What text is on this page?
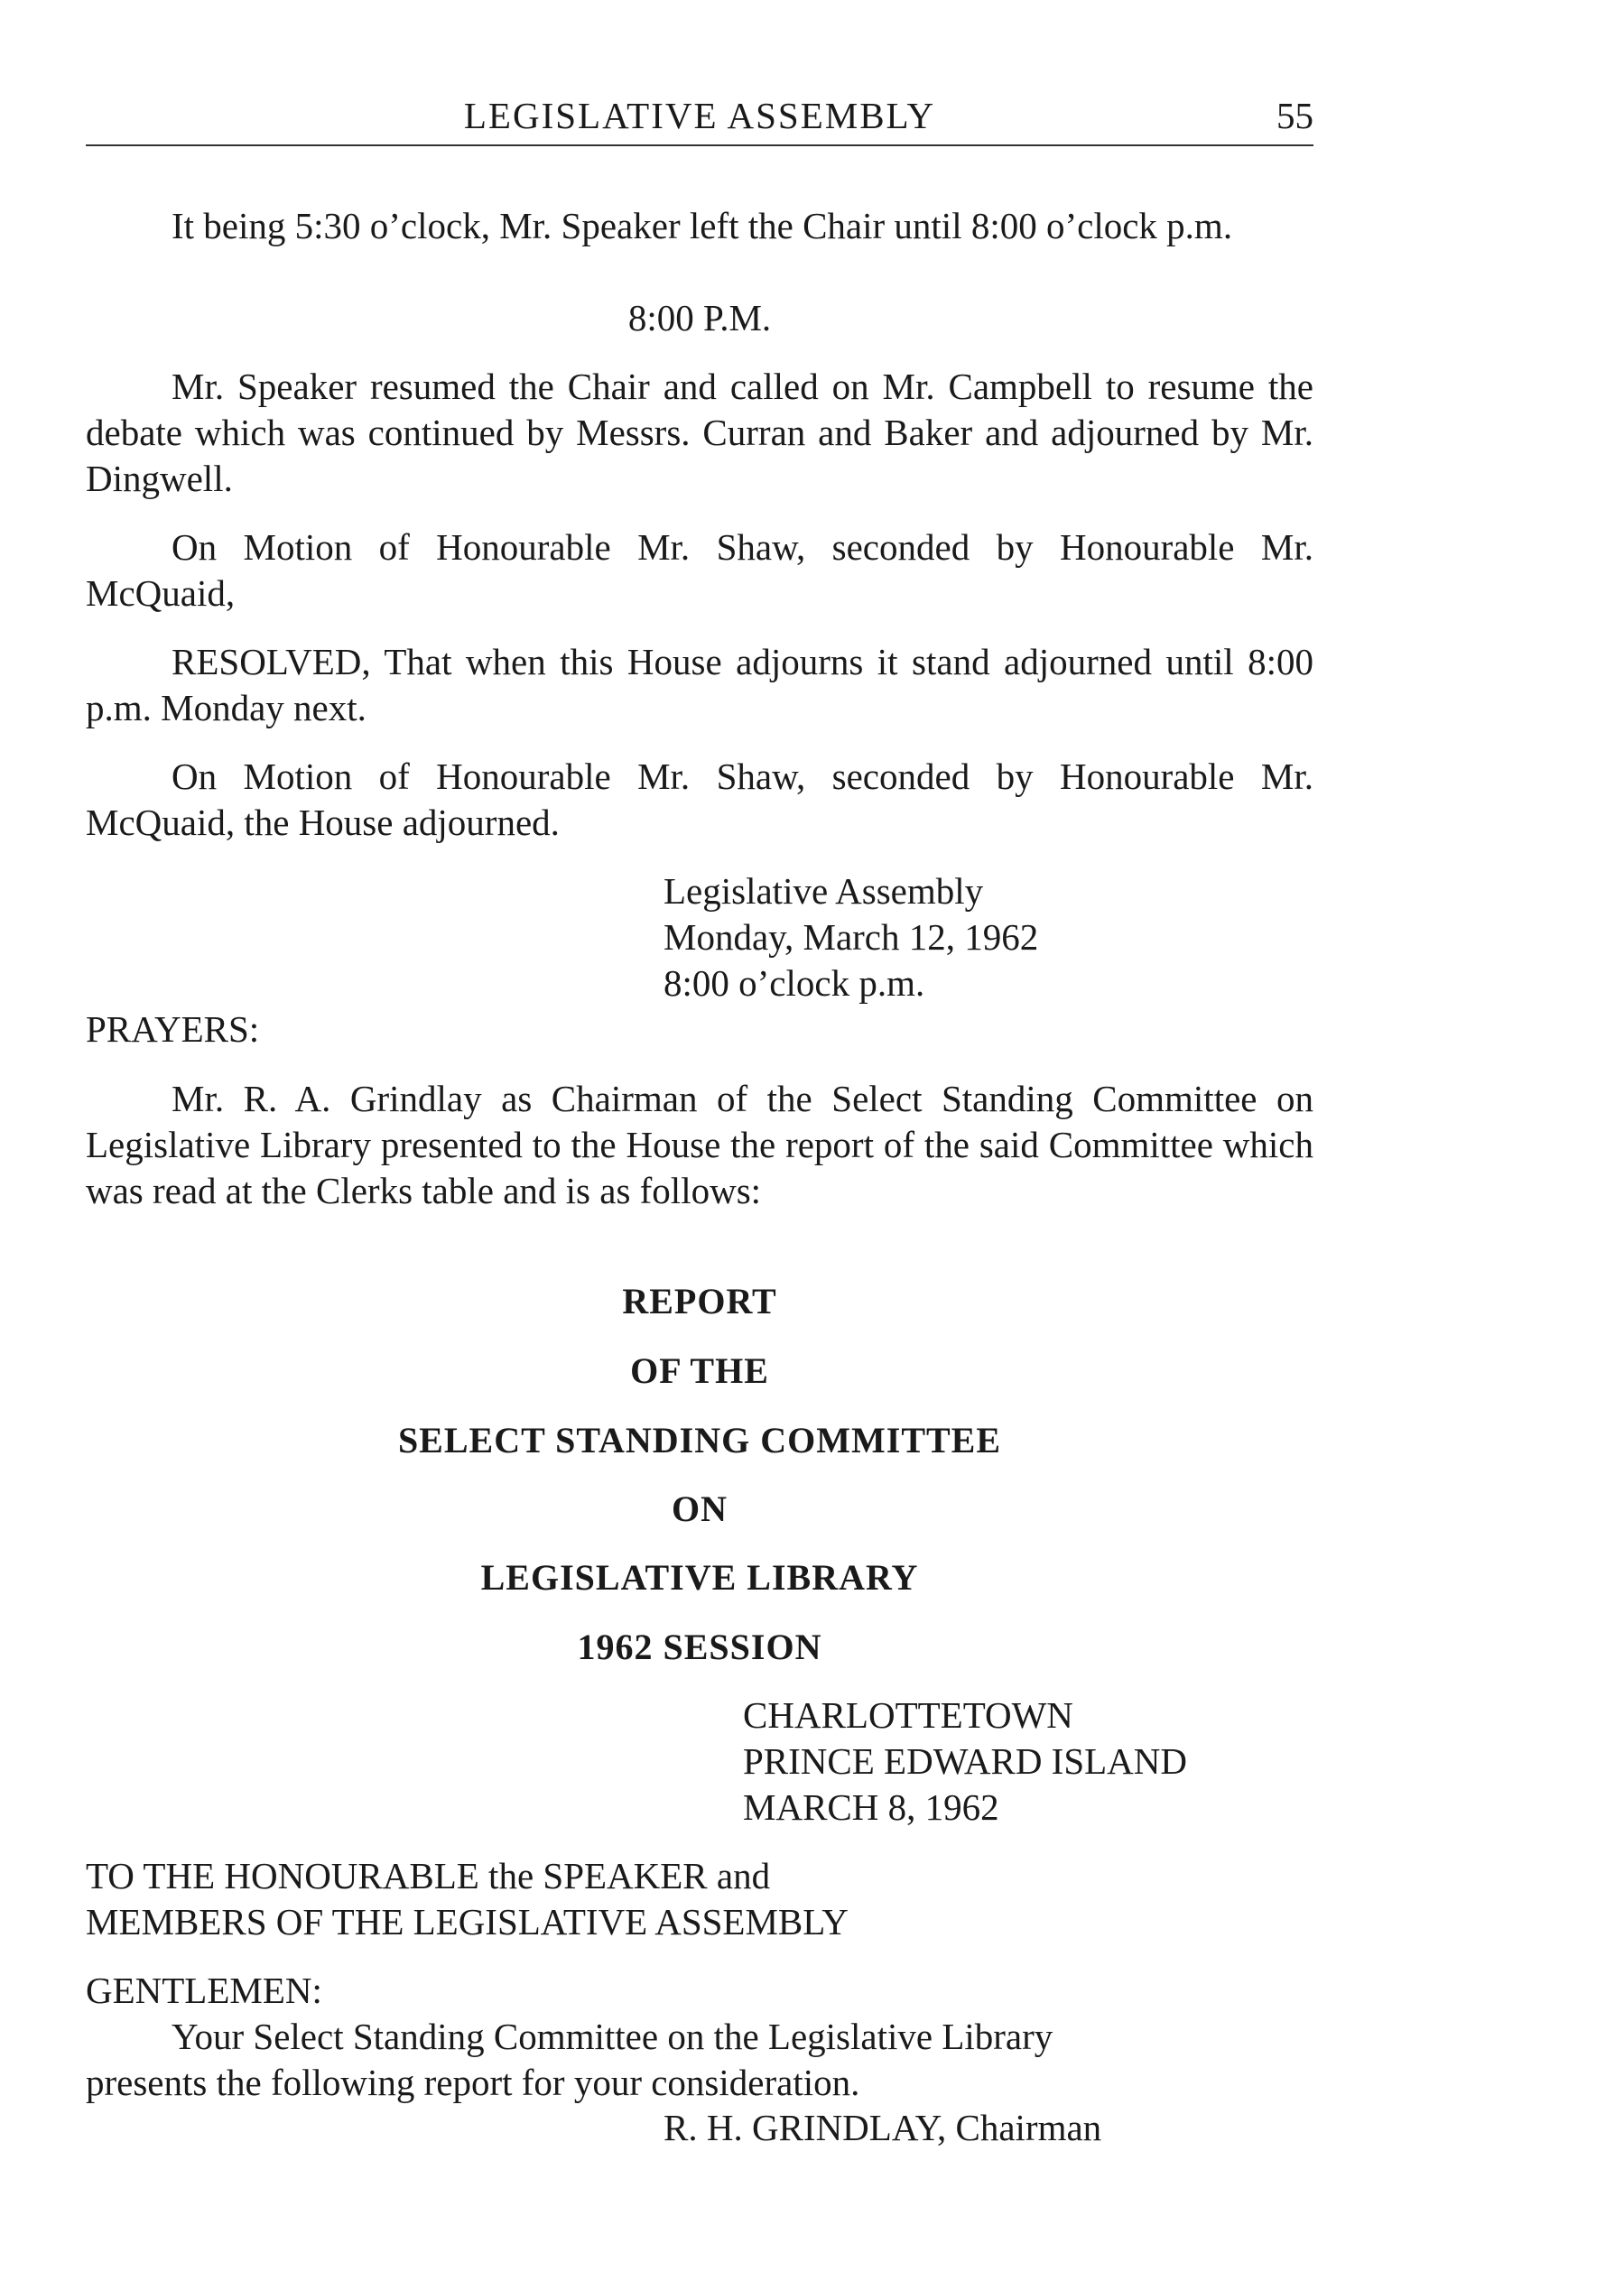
LEGISLATIVE ASSEMBLY	55
It being 5:30 o’clock, Mr. Speaker left the Chair until 8:00 o’clock p.m.
8:00 P.M.
Mr. Speaker resumed the Chair and called on Mr. Campbell to resume the debate which was continued by Messrs. Curran and Baker and adjourned by Mr. Dingwell.
On Motion of Honourable Mr. Shaw, seconded by Honourable Mr. McQuaid,
RESOLVED, That when this House adjourns it stand adjourned until 8:00 p.m. Monday next.
On Motion of Honourable Mr. Shaw, seconded by Honourable Mr. McQuaid, the House adjourned.
Legislative Assembly
Monday, March 12, 1962
8:00 o’clock p.m.
PRAYERS:
Mr. R. A. Grindlay as Chairman of the Select Standing Committee on Legislative Library presented to the House the report of the said Committee which was read at the Clerks table and is as follows:
REPORT
OF THE
SELECT STANDING COMMITTEE
ON
LEGISLATIVE LIBRARY
1962 SESSION
CHARLOTTETOWN
PRINCE EDWARD ISLAND
MARCH 8, 1962
TO THE HONOURABLE the SPEAKER and
MEMBERS OF THE LEGISLATIVE ASSEMBLY
GENTLEMEN:
Your Select Standing Committee on the Legislative Library
presents the following report for your consideration.
R. H. GRINDLAY, Chairman
